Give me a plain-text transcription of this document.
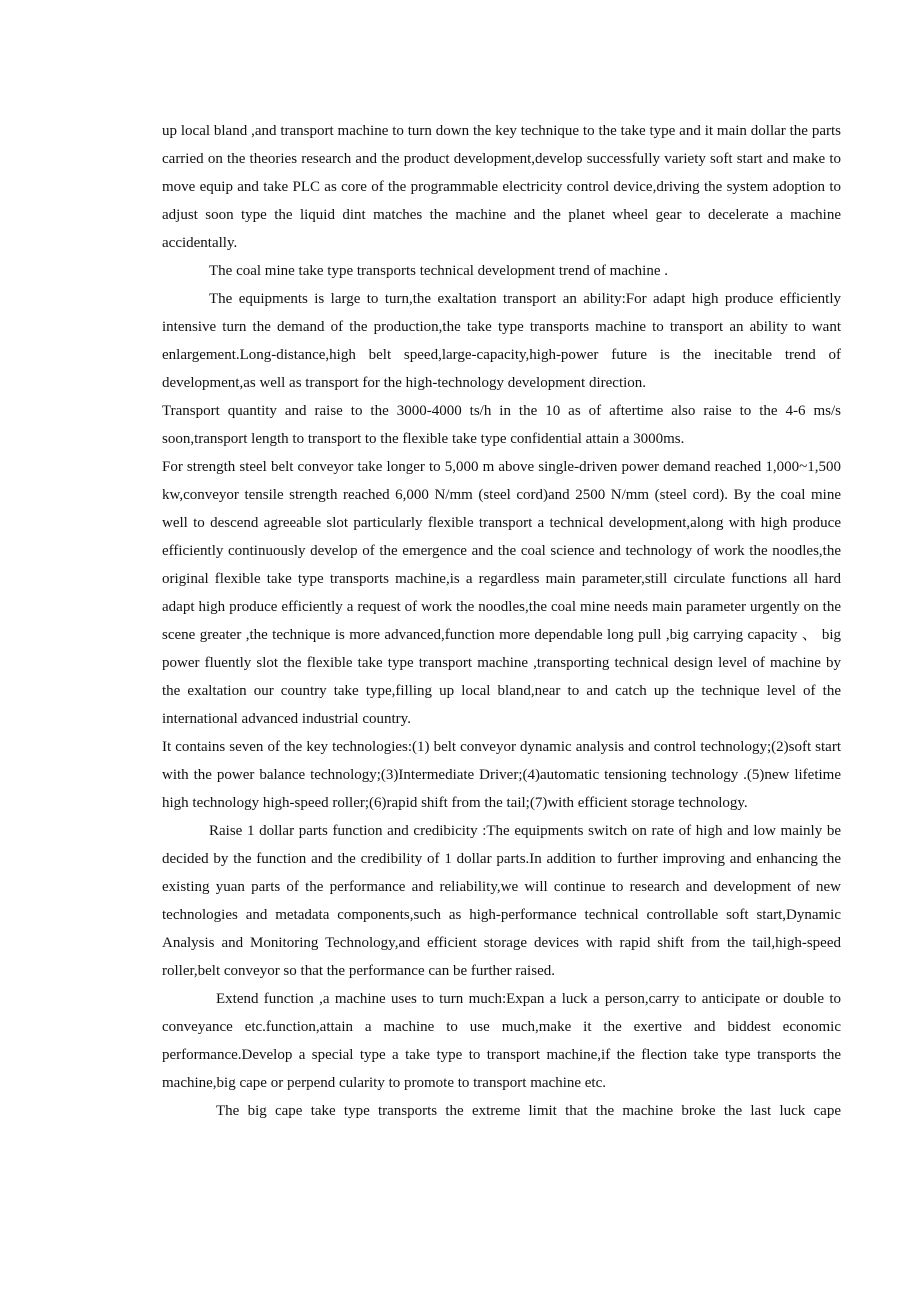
up local bland ,and transport machine to turn down the key technique to the take type and it main dollar the parts carried on the theories research and the product development,develop successfully variety soft start and make to move equip and take PLC as core of the programmable electricity control device,driving the system adoption to adjust soon type the liquid dint matches the machine and the planet wheel gear to decelerate a machine accidentally.

The coal mine take type transports technical development trend of machine .

The equipments is large to turn,the exaltation transport an ability:For adapt high produce efficiently intensive turn the demand of the production,the take type transports machine to transport an ability to want enlargement.Long-distance,high belt speed,large-capacity,high-power future is the inecitable trend of development,as well as transport for the high-technology development direction.

Transport quantity and raise to the 3000-4000 ts/h in the 10 as of aftertime also raise to the 4-6 ms/s soon,transport length to transport to the flexible take type confidential attain a 3000ms.

For strength steel belt conveyor take longer to 5,000 m above single-driven power demand reached 1,000~1,500 kw,conveyor tensile strength reached 6,000 N/mm (steel cord)and 2500 N/mm (steel cord). By the coal mine well to descend agreeable slot particularly flexible transport a technical development,along with high produce efficiently continuously develop of the emergence and the coal science and technology of work the noodles,the original flexible take type transports machine,is a regardless main parameter,still circulate functions all hard adapt high produce efficiently a request of work the noodles,the coal mine needs main parameter urgently on the scene greater ,the technique is more advanced,function more dependable long pull ,big carrying capacity 、 big power fluently slot the flexible take type transport machine ,transporting technical design level of machine by the exaltation our country take type,filling up local bland,near to and catch up the technique level of the international advanced industrial country.

It contains seven of the key technologies:(1) belt conveyor dynamic analysis and control technology;(2)soft start with the power balance technology;(3)Intermediate Driver;(4)automatic tensioning technology .(5)new lifetime high technology high-speed roller;(6)rapid shift from the tail;(7)with efficient storage technology.

Raise 1 dollar parts function and credibicity :The equipments switch on rate of high and low mainly be decided by the function and the credibility of 1 dollar parts.In addition to further improving and enhancing the existing yuan parts of the performance and reliability,we will continue to research and development of new technologies and metadata components,such as high-performance technical controllable soft start,Dynamic Analysis and Monitoring Technology,and efficient storage devices with rapid shift from the tail,high-speed roller,belt conveyor so that the performance can be further raised.

Extend function ,a machine uses to turn much:Expan a luck a person,carry to anticipate or double to conveyance etc.function,attain a machine to use much,make it the exertive and biddest economic performance.Develop a special type a take type to transport machine,if the flection take type transports the machine,big cape or perpend cularity to promote to transport machine etc.

The big cape take type transports the extreme limit that the machine broke the last luck cape
